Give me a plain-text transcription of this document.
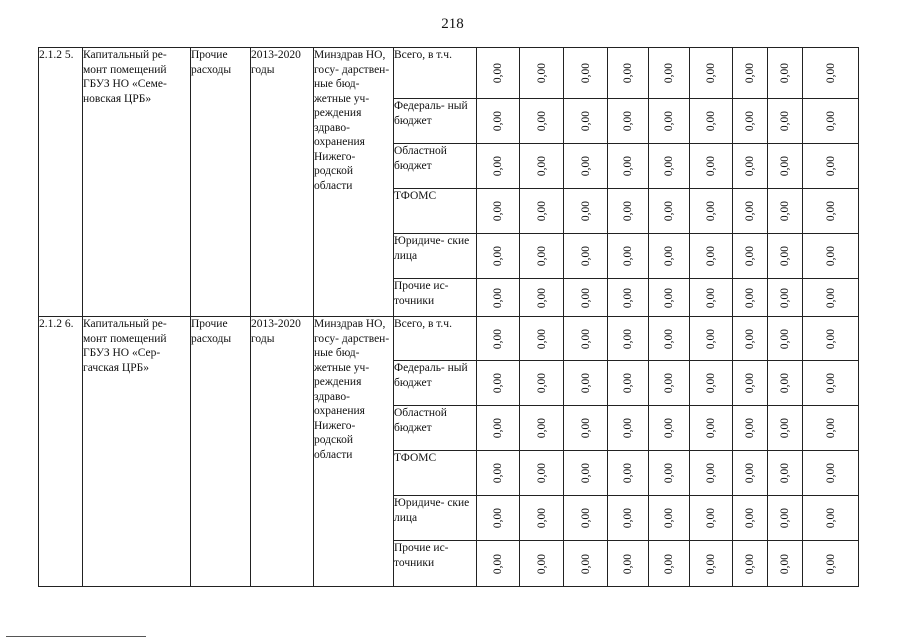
218
2.1.2 5.	Капитальный ре- монт помещений ГБУЗ НО «Семе- новская ЦРБ»	Прочие расходы	2013-2020 годы	Минздрав НО, госу- дарствен- ные бюд- жетные уч- реждения здраво- охранения Нижего- родской области	Всего, в т.ч.	0,00	0,00	0,00	0,00	0,00	0,00	0,00	0,00	0,00

					Федераль- ный бюджет	0,00	0,00	0,00	0,00	0,00	0,00	0,00	0,00	0,00

					Областной бюджет	0,00	0,00	0,00	0,00	0,00	0,00	0,00	0,00	0,00

					ТФОМС	0,00	0,00	0,00	0,00	0,00	0,00	0,00	0,00	0,00

					Юридиче- ские лица	0,00	0,00	0,00	0,00	0,00	0,00	0,00	0,00	0,00

					Прочие ис- точники	0,00	0,00	0,00	0,00	0,00	0,00	0,00	0,00	0,00

2.1.2 6.	Капитальный ре- монт помещений ГБУЗ НО «Сер- гачская ЦРБ»	Прочие расходы	2013-2020 годы	Минздрав НО, госу- дарствен- ные бюд- жетные уч- реждения здраво- охранения Нижего- родской области	Всего, в т.ч.	0,00	0,00	0,00	0,00	0,00	0,00	0,00	0,00	0,00

					Федераль- ный бюджет	0,00	0,00	0,00	0,00	0,00	0,00	0,00	0,00	0,00

					Областной бюджет	0,00	0,00	0,00	0,00	0,00	0,00	0,00	0,00	0,00

					ТФОМС	0,00	0,00	0,00	0,00	0,00	0,00	0,00	0,00	0,00

					Юридиче- ские лица	0,00	0,00	0,00	0,00	0,00	0,00	0,00	0,00	0,00

					Прочие ис- точники	0,00	0,00	0,00	0,00	0,00	0,00	0,00	0,00	0,00
